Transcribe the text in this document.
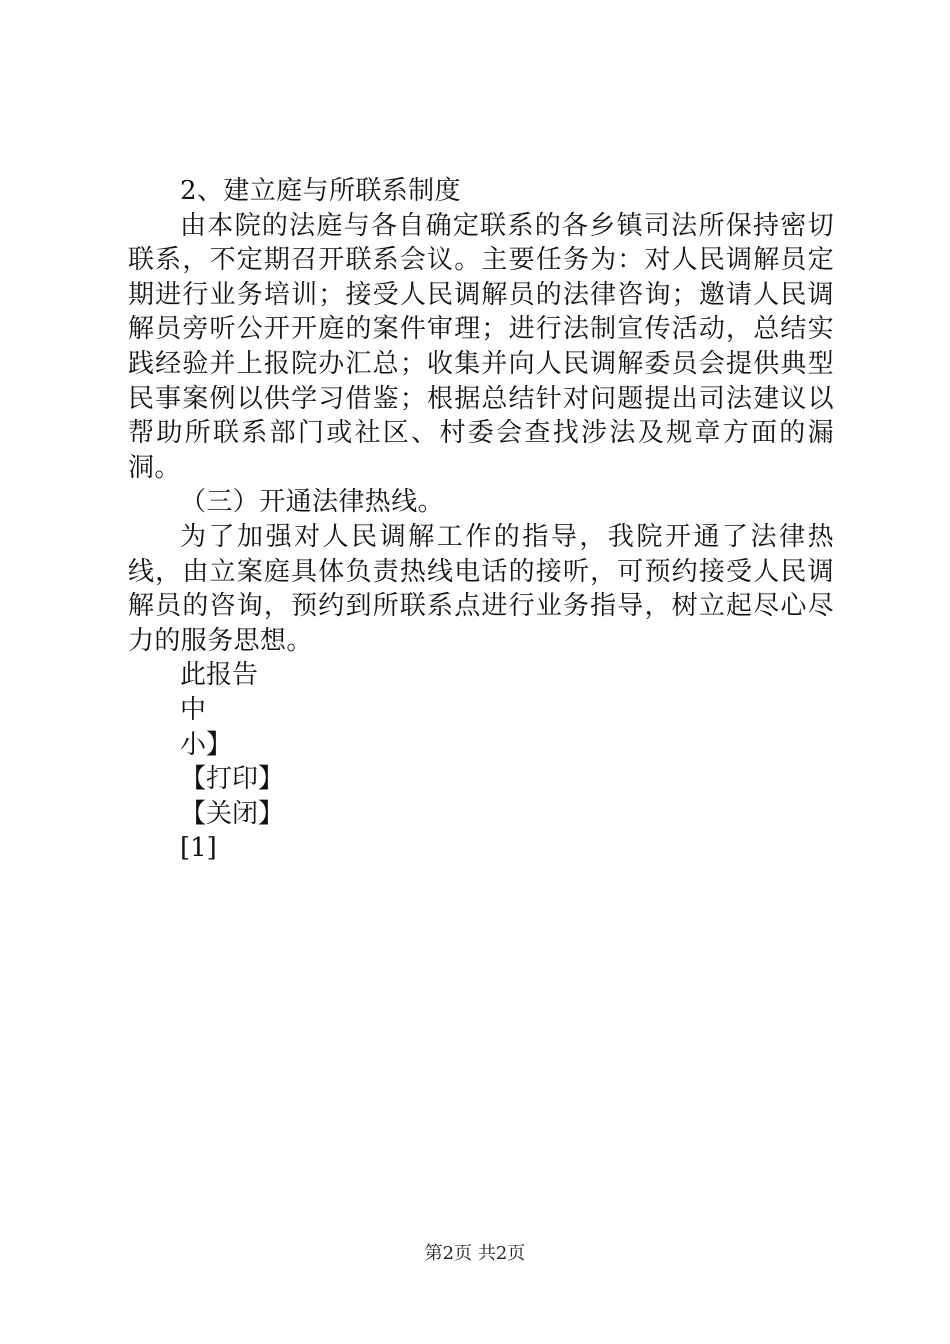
2、建立庭与所联系制度

由本院的法庭与各自确定联系的各乡镇司法所保持密切联系，不定期召开联系会议。主要任务为：对人民调解员定期进行业务培训；接受人民调解员的法律咨询；邀请人民调解员旁听公开开庭的案件审理；进行法制宣传活动，总结实践经验并上报院办汇总；收集并向人民调解委员会提供典型民事案例以供学习借鉴；根据总结针对问题提出司法建议以帮助所联系部门或社区、村委会查找涉法及规章方面的漏洞。

（三）开通法律热线。

为了加强对人民调解工作的指导，我院开通了法律热线，由立案庭具体负责热线电话的接听，可预约接受人民调解员的咨询，预约到所联系点进行业务指导，树立起尽心尽力的服务思想。

此报告

中

小】

【打印】

【关闭】

[1]

第2页 共2页
